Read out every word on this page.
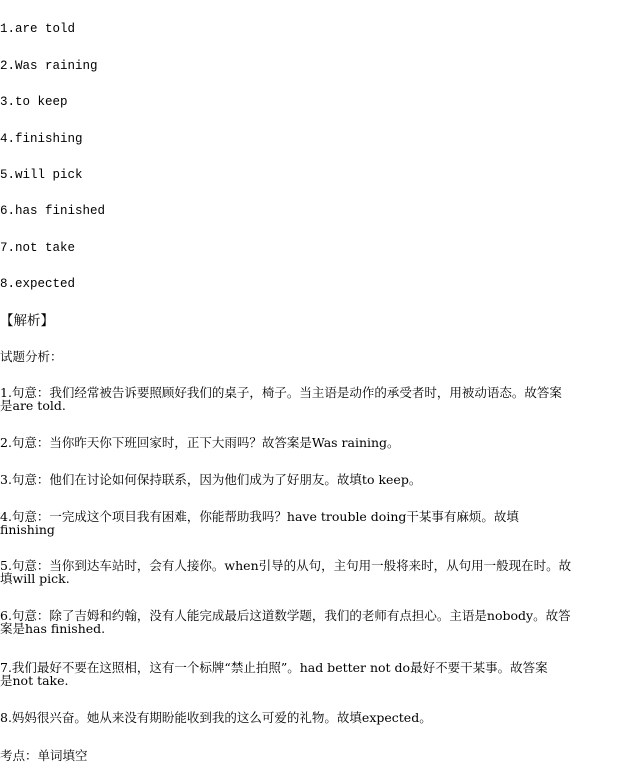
1.are told
2.Was raining
3.to keep
4.finishing
5.will pick
6.has finished
7.not take
8.expected
【解析】
试题分析：
1.句意：我们经常被告诉要照顾好我们的桌子，椅子。当主语是动作的承受者时，用被动语态。故答案
是are told.
2.句意：当你昨天你下班回家时，正下大雨吗？故答案是Was raining。
3.句意：他们在讨论如何保持联系，因为他们成为了好朋友。故填to keep。
4.句意：一完成这个项目我有困难，你能帮助我吗？have trouble doing干某事有麻烦。故填
finishing
5.句意：当你到达车站时，会有人接你。when引导的从句，主句用一般将来时，从句用一般现在时。故
填will pick.
6.句意：除了吉姆和约翰，没有人能完成最后这道数学题，我们的老师有点担心。主语是nobody。故答
案是has finished.
7.我们最好不要在这照相，这有一个标牌“禁止拍照”。had better not do最好不要干某事。故答案
是not take.
8.妈妈很兴奋。她从来没有期盼能收到我的这么可爱的礼物。故填expected。
考点：单词填空
